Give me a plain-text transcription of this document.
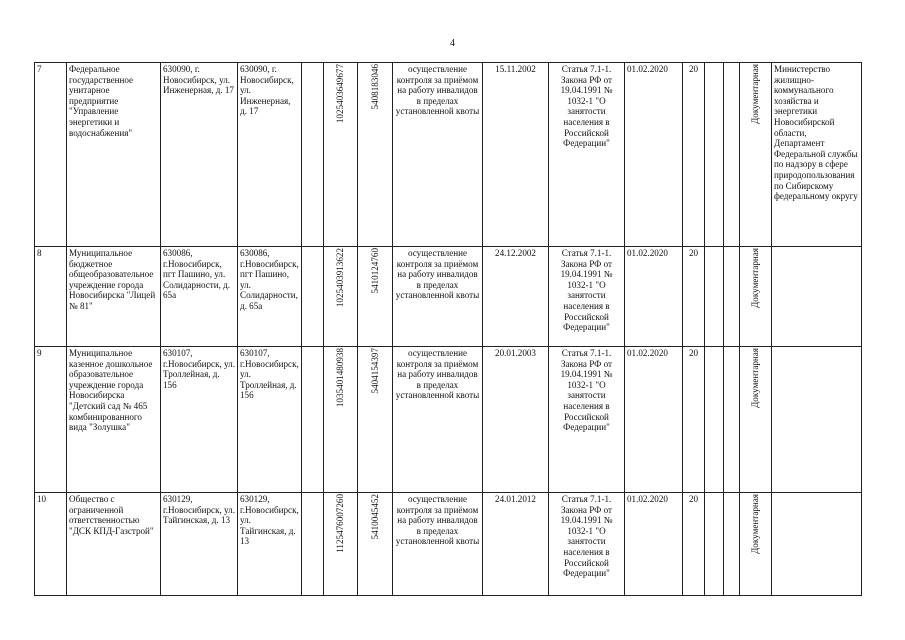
4
7	Федеральное государственное унитарное предприятие "Управление энергетики и водоснабжения"	630090, г. Новосибирск, ул. Инженерная, д. 17	630090, г. Новосибирск, ул. Инженерная, д. 17		1025403649677	5408183046	осуществление контроля за приёмом на работу инвалидов в пределах установленной квоты	15.11.2002	Статья 7.1-1. Закона РФ от 19.04.1991 № 1032-1 "О занятости населения в Российской Федерации"	01.02.2020	20			Документарная	Министерство жилищно-коммунального хозяйства и энергетики Новосибирской области, Департамент Федеральной службы по надзору в сфере природопользования по Сибирскому федеральному округу
8	Муниципальное бюджетное общеобразовательное учреждение города Новосибирска "Лицей № 81"	630086, г.Новосибирск, пгт Пашино, ул. Солидарности, д. 65а	630086, г.Новосибирск, пгт Пашино, ул. Солидарности, д. 65а		1025403913622	5410124760	осуществление контроля за приёмом на работу инвалидов в пределах установленной квоты	24.12.2002	Статья 7.1-1. Закона РФ от 19.04.1991 № 1032-1 "О занятости населения в Российской Федерации"	01.02.2020	20			Документарная	
9	Муниципальное казенное дошкольное образовательное учреждение города Новосибирска "Детский сад № 465 комбинированного вида "Золушка"	630107, г.Новосибирск, ул. Троллейная, д. 156	630107, г.Новосибирск, ул. Троллейная, д. 156		1035401480938	5404154397	осуществление контроля за приёмом на работу инвалидов в пределах установленной квоты	20.01.2003	Статья 7.1-1. Закона РФ от 19.04.1991 № 1032-1 "О занятости населения в Российской Федерации"	01.02.2020	20			Документарная	
10	Общество с ограниченной ответственностью "ДСК КПД-Газстрой"	630129, г.Новосибирск, ул. Тайгинская, д. 13	630129, г.Новосибирск, ул. Тайгинская, д. 13		1125476007260	5410045452	осуществление контроля за приёмом на работу инвалидов в пределах установленной квоты	24.01.2012	Статья 7.1-1. Закона РФ от 19.04.1991 № 1032-1 "О занятости населения в Российской Федерации"	01.02.2020	20			Документарная	
